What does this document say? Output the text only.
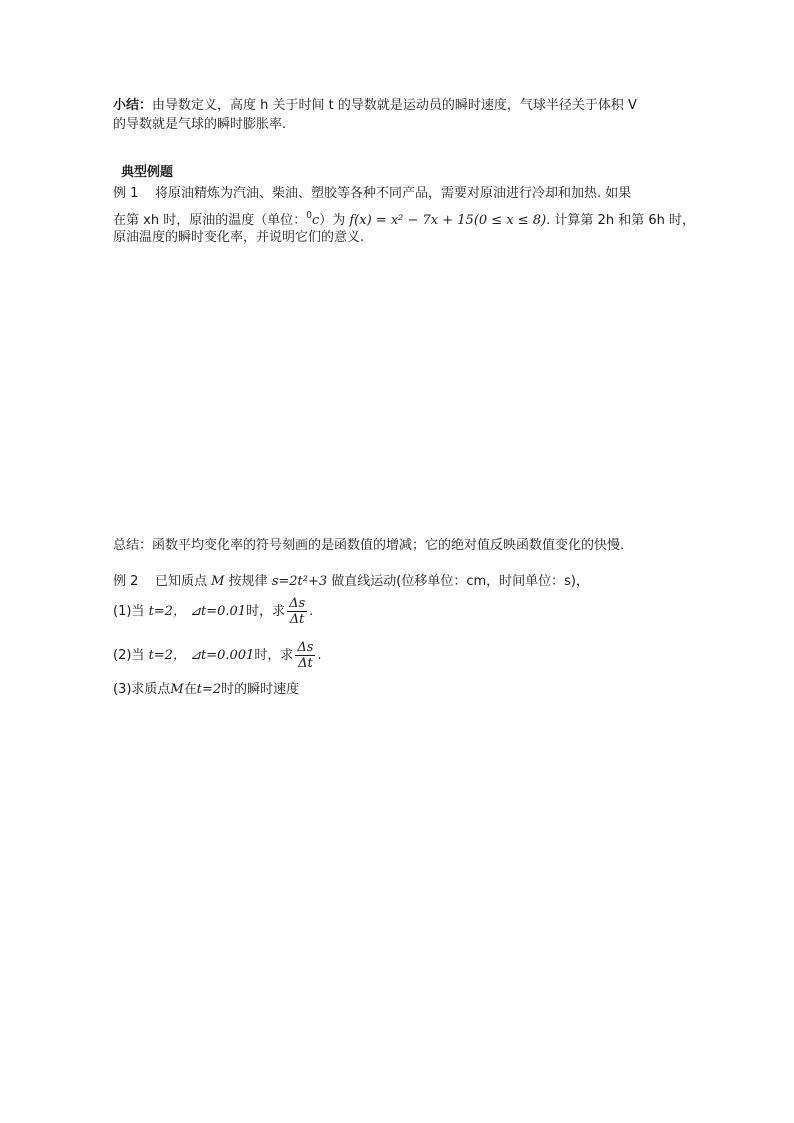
小结：由导数定义，高度 h 关于时间 t 的导数就是运动员的瞬时速度，气球半径关于体积 V
的导数就是气球的瞬时膨胀率.
典型例题
例 1 将原油精炼为汽油、柴油、塑胶等各种不同产品，需要对原油进行冷却和加热. 如果
在第 xh 时，原油的温度（单位：$^0$c）为 f(x) = x² − 7x + 15(0 ≤ x ≤ 8). 计算第 2h 和第 6h 时，
原油温度的瞬时变化率，并说明它们的意义.
总结：函数平均变化率的符号刻画的是函数值的增减；它的绝对值反映函数值变化的快慢.
例 2 已知质点 M 按规律 s=2t²+3 做直线运动(位移单位：cm，时间单位：s)，
(1)当 t=2， ⊿t=0.01时，求 $\frac{\Delta s}{\Delta t}$ .
(2)当 t=2， ⊿t=0.001时，求 $\frac{\Delta s}{\Delta t}$ .
(3)求质点M在t=2时的瞬时速度
